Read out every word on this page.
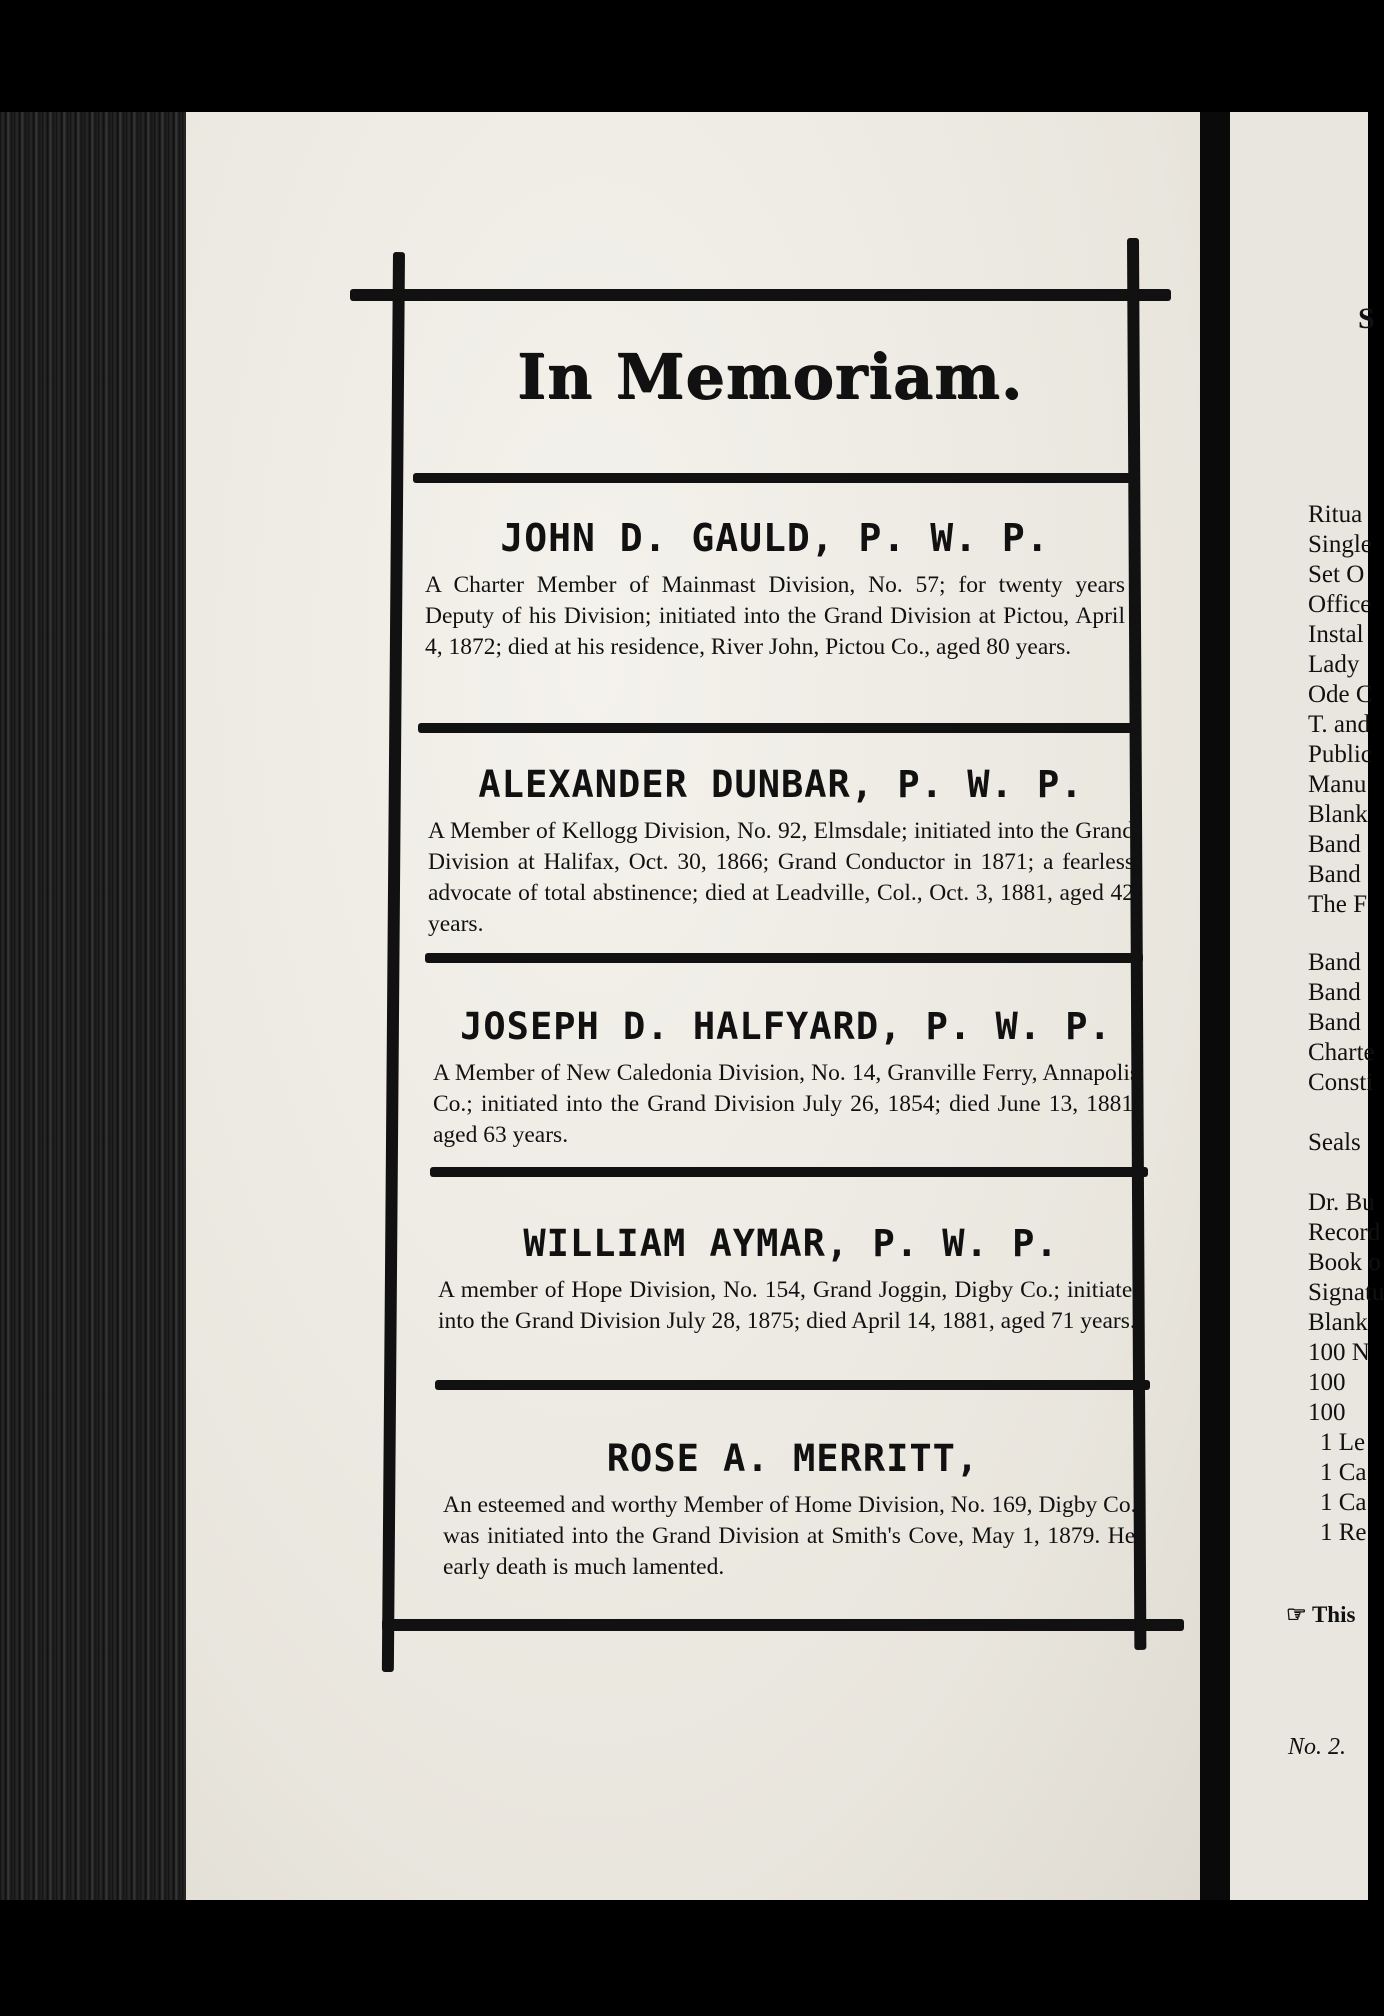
S
Ritua
Single
Set O
Office
Instal
Lady
Ode C
T. and
Public
Manu
Blank
Band
Band
The F
Band
Band
Band
Charte
Consti
Seals
Dr. Bu
Record
Book o
Signatu
Blank
100 N
100
100
1 Le
1 Ca
1 Ca
1 Re
☞ This
No. 2.
In Memoriam.
JOHN D. GAULD, P. W. P.
A Charter Member of Mainmast Division, No. 57; for twenty years Deputy of his Division; initiated into the Grand Division at Pictou, April 4, 1872; died at his residence, River John, Pictou Co., aged 80 years.
ALEXANDER DUNBAR, P. W. P.
A Member of Kellogg Division, No. 92, Elmsdale; initiated into the Grand Division at Halifax, Oct. 30, 1866; Grand Conductor in 1871; a fearless advocate of total abstinence; died at Leadville, Col., Oct. 3, 1881, aged 42 years.
JOSEPH D. HALFYARD, P. W. P.
A Member of New Caledonia Division, No. 14, Granville Ferry, Annapolis Co.; initiated into the Grand Division July 26, 1854; died June 13, 1881, aged 63 years.
WILLIAM AYMAR, P. W. P.
A member of Hope Division, No. 154, Grand Joggin, Digby Co.; initiated into the Grand Division July 28, 1875; died April 14, 1881, aged 71 years.
ROSE A. MERRITT,
An esteemed and worthy Member of Home Division, No. 169, Digby Co.; was initiated into the Grand Division at Smith's Cove, May 1, 1879. Her early death is much lamented.
